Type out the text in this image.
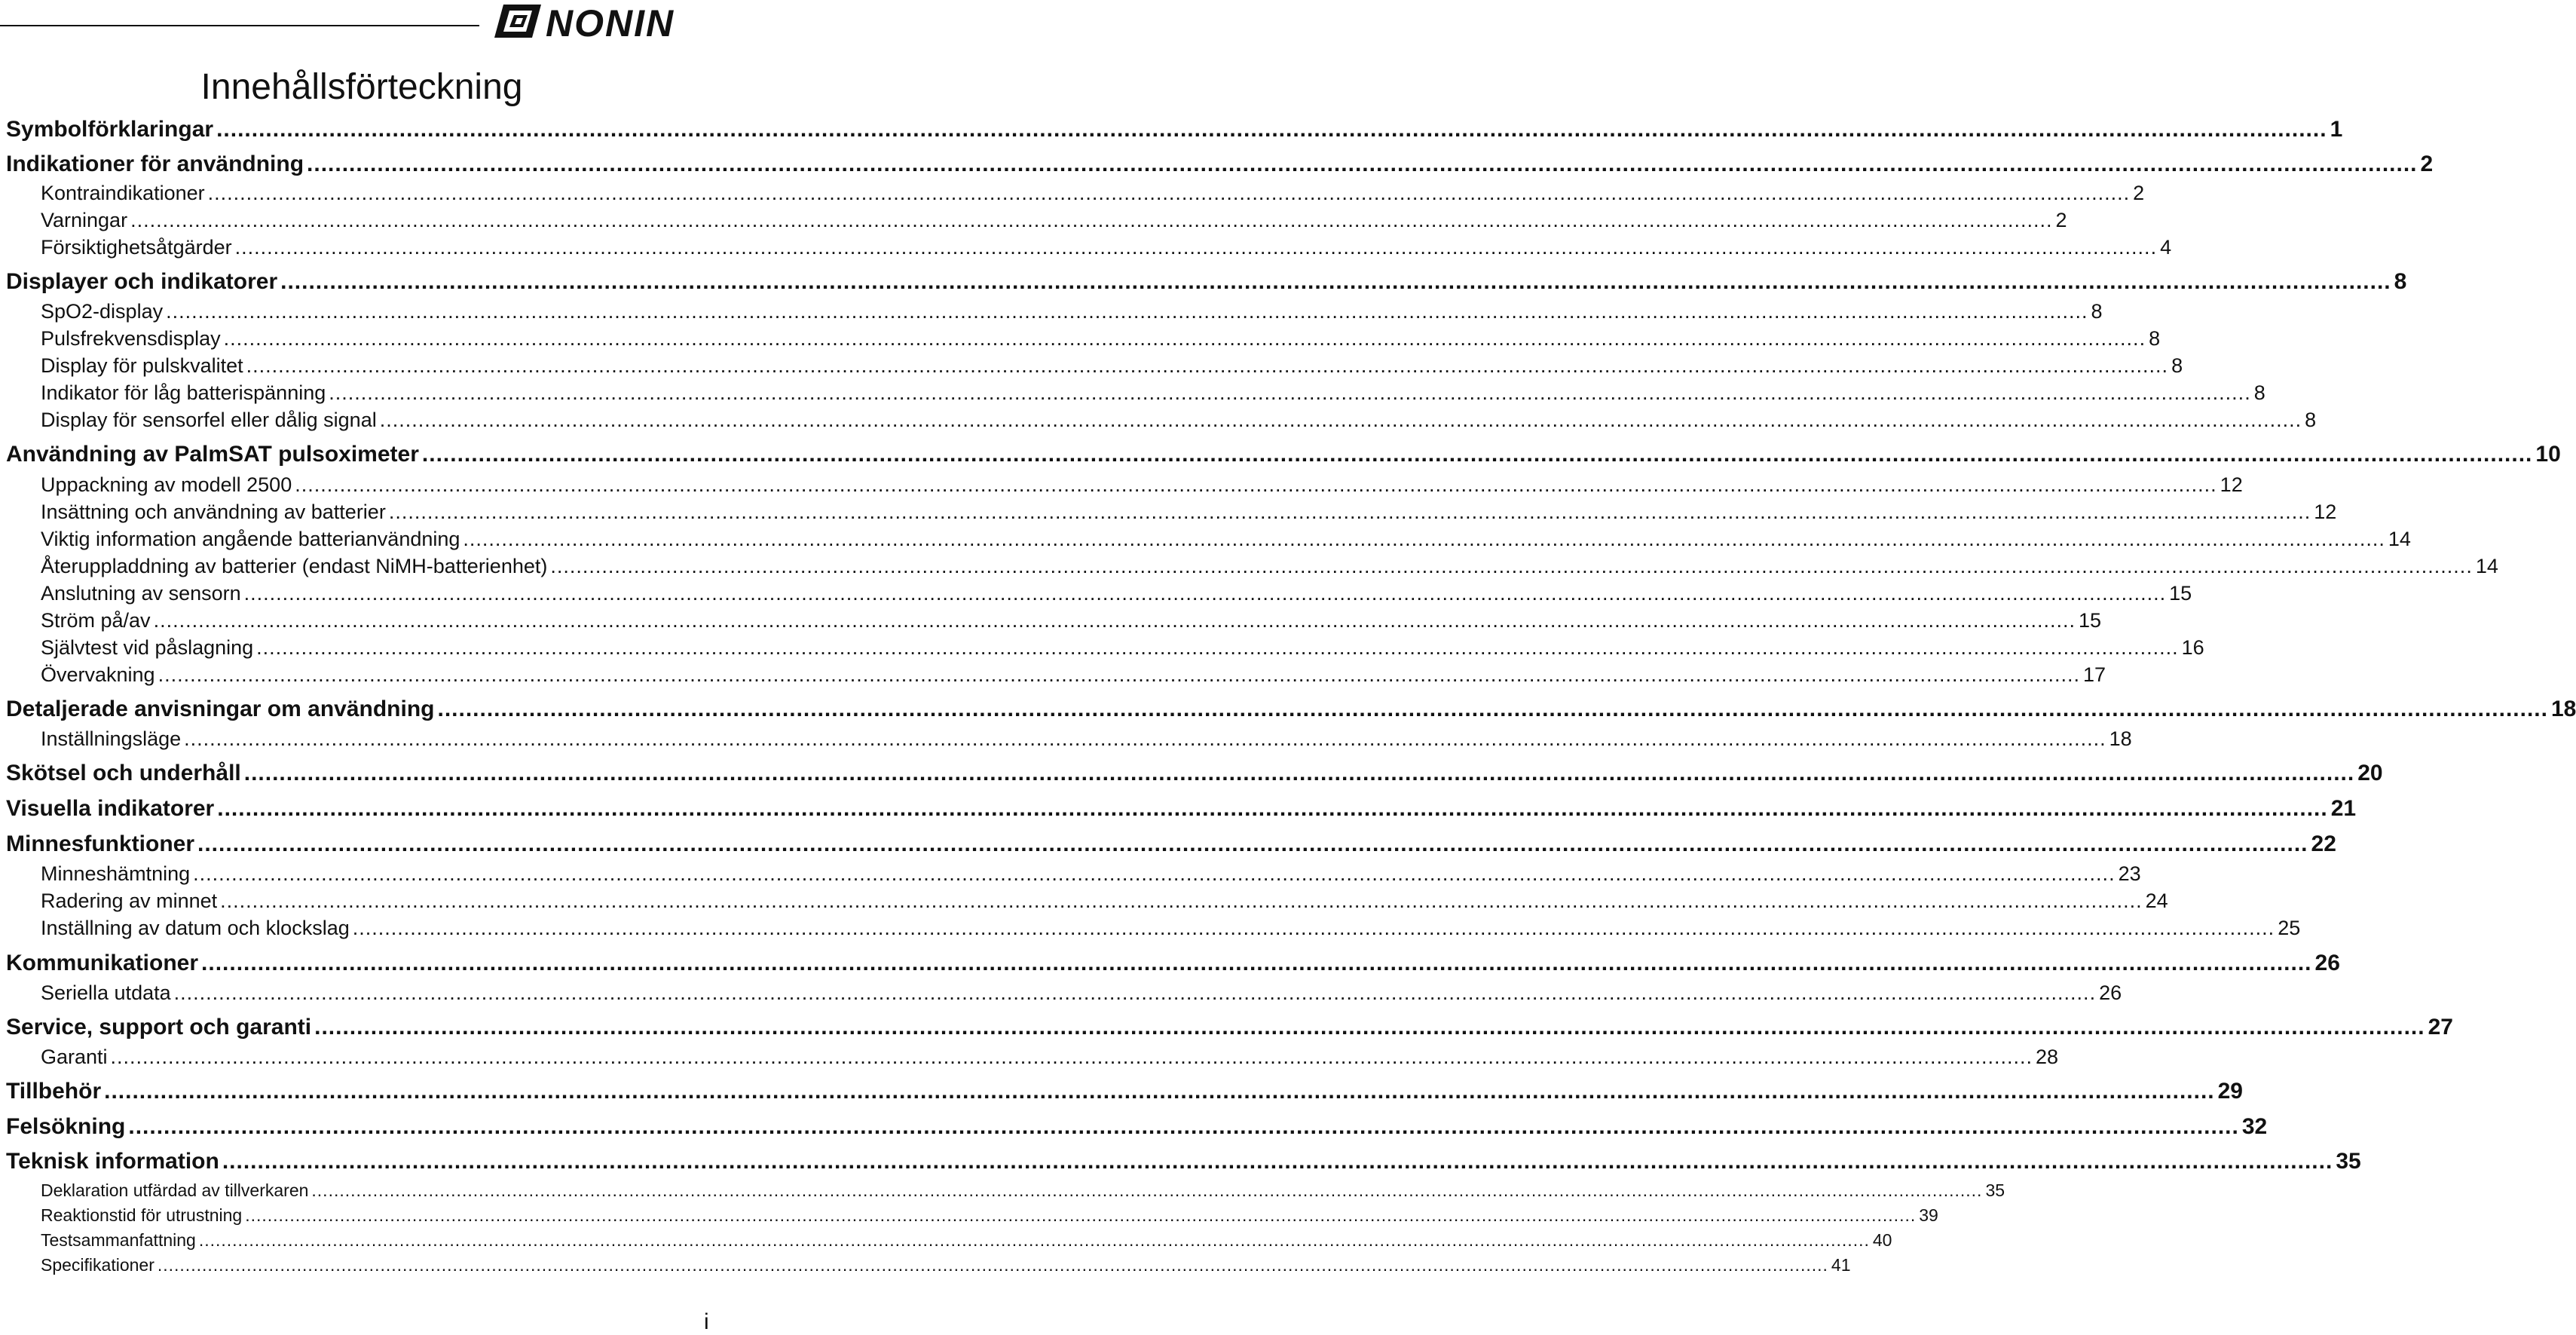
NONIN
Innehållsförteckning
Symbolförklaringar ............................................................................................................................................................................................................................................................................................................ 1
Indikationer för användning ............................................................................................................................................................................................................................................................................................................ 2
Kontraindikationer ............................................................................................................................................................................................................................................................................................................ 2
Varningar ............................................................................................................................................................................................................................................................................................................ 2
Försiktighetsåtgärder ............................................................................................................................................................................................................................................................................................................ 4
Displayer och indikatorer ............................................................................................................................................................................................................................................................................................................ 8
SpO2-display ............................................................................................................................................................................................................................................................................................................ 8
Pulsfrekvensdisplay ............................................................................................................................................................................................................................................................................................................ 8
Display för pulskvalitet ............................................................................................................................................................................................................................................................................................................ 8
Indikator för låg batterispänning ............................................................................................................................................................................................................................................................................................................ 8
Display för sensorfel eller dålig signal ............................................................................................................................................................................................................................................................................................................ 8
Användning av PalmSAT pulsoximeter ............................................................................................................................................................................................................................................................................................................ 10
Uppackning av modell 2500 ............................................................................................................................................................................................................................................................................................................ 12
Insättning och användning av batterier ............................................................................................................................................................................................................................................................................................................ 12
Viktig information angående batterianvändning ............................................................................................................................................................................................................................................................................................................ 14
Återuppladdning av batterier (endast NiMH-batterienhet) ............................................................................................................................................................................................................................................................................................................ 14
Anslutning av sensorn ............................................................................................................................................................................................................................................................................................................ 15
Ström på/av ............................................................................................................................................................................................................................................................................................................ 15
Självtest vid påslagning ............................................................................................................................................................................................................................................................................................................ 16
Övervakning ............................................................................................................................................................................................................................................................................................................ 17
Detaljerade anvisningar om användning ............................................................................................................................................................................................................................................................................................................ 18
Inställningsläge ............................................................................................................................................................................................................................................................................................................ 18
Skötsel och underhåll ............................................................................................................................................................................................................................................................................................................ 20
Visuella indikatorer ............................................................................................................................................................................................................................................................................................................ 21
Minnesfunktioner ............................................................................................................................................................................................................................................................................................................ 22
Minneshämtning ............................................................................................................................................................................................................................................................................................................ 23
Radering av minnet ............................................................................................................................................................................................................................................................................................................ 24
Inställning av datum och klockslag ............................................................................................................................................................................................................................................................................................................ 25
Kommunikationer ............................................................................................................................................................................................................................................................................................................ 26
Seriella utdata ............................................................................................................................................................................................................................................................................................................ 26
Service, support och garanti ............................................................................................................................................................................................................................................................................................................ 27
Garanti ............................................................................................................................................................................................................................................................................................................ 28
Tillbehör ............................................................................................................................................................................................................................................................................................................ 29
Felsökning ............................................................................................................................................................................................................................................................................................................ 32
Teknisk information ............................................................................................................................................................................................................................................................................................................ 35
Deklaration utfärdad av tillverkaren ............................................................................................................................................................................................................................................................................................................ 35
Reaktionstid för utrustning ............................................................................................................................................................................................................................................................................................................ 39
Testsammanfattning ............................................................................................................................................................................................................................................................................................................ 40
Specifikationer ............................................................................................................................................................................................................................................................................................................ 41
i
